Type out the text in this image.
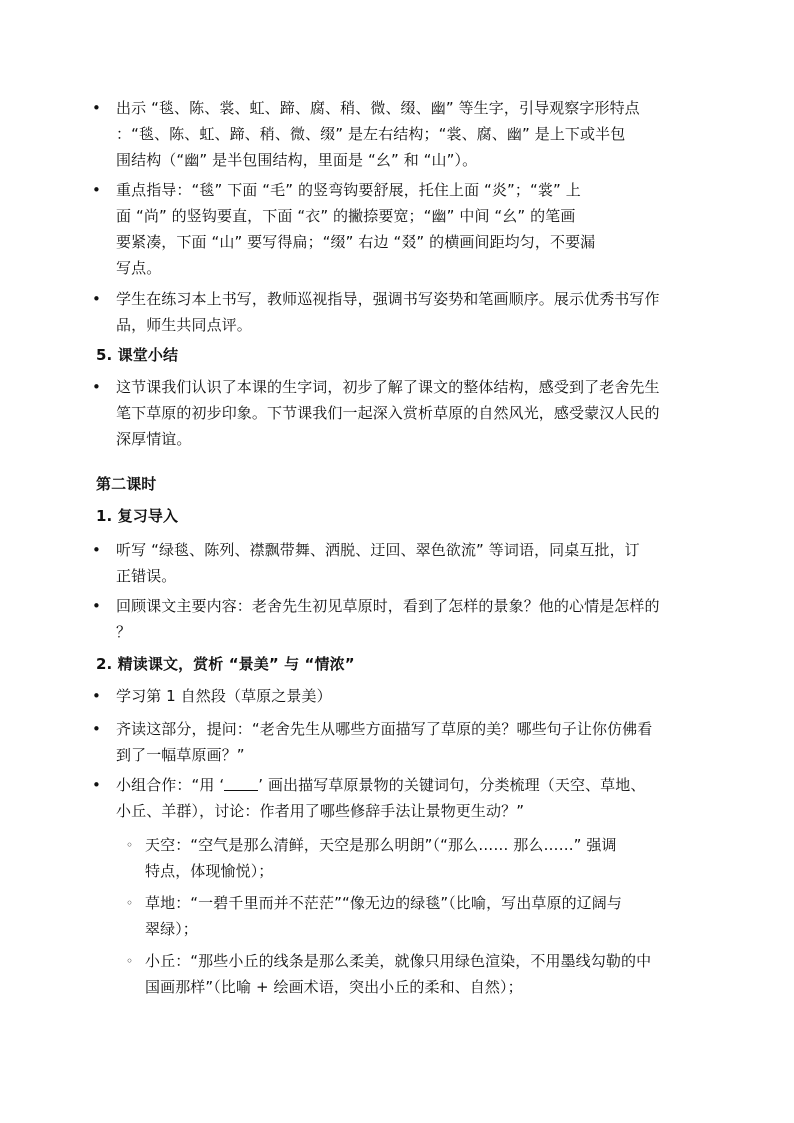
• 出示 “毯、陈、裳、虹、蹄、腐、稍、微、缀、幽” 等生字，引导观察字形特点
：“毯、陈、虹、蹄、稍、微、缀” 是左右结构；“裳、腐、幽” 是上下或半包
围结构（“幽” 是半包围结构，里面是 “幺” 和 “山”）。
• 重点指导：“毯” 下面 “毛” 的竖弯钩要舒展，托住上面 “炎”；“裳” 上
面 “尚” 的竖钩要直，下面 “衣” 的撇捺要宽；“幽” 中间 “幺” 的笔画
要紧凑，下面 “山” 要写得扁；“缀” 右边 “叕” 的横画间距均匀，不要漏
写点。
• 学生在练习本上书写，教师巡视指导，强调书写姿势和笔画顺序。展示优秀书写作
品，师生共同点评。
5. 课堂小结
• 这节课我们认识了本课的生字词，初步了解了课文的整体结构，感受到了老舍先生
笔下草原的初步印象。下节课我们一起深入赏析草原的自然风光，感受蒙汉人民的
深厚情谊。
第二课时
1. 复习导入
• 听写 “绿毯、陈列、襟飘带舞、洒脱、迂回、翠色欲流” 等词语，同桌互批，订
正错误。
• 回顾课文主要内容：老舍先生初见草原时，看到了怎样的景象？他的心情是怎样的
？
2. 精读课文，赏析 “景美” 与 “情浓”
• 学习第 1 自然段（草原之景美）
• 齐读这部分，提问：“老舍先生从哪些方面描写了草原的美？哪些句子让你仿佛看
到了一幅草原画？”
• 小组合作：“用 ‘ ’ 画出描写草原景物的关键词句，分类梳理（天空、草地、
小丘、羊群），讨论：作者用了哪些修辞手法让景物更生动？”
◦ 天空：“空气是那么清鲜，天空是那么明朗”（“那么…… 那么……” 强调
特点，体现愉悦）；
◦ 草地：“一碧千里而并不茫茫”“像无边的绿毯”（比喻，写出草原的辽阔与
翠绿）；
◦ 小丘：“那些小丘的线条是那么柔美，就像只用绿色渲染，不用墨线勾勒的中
国画那样”（比喻 + 绘画术语，突出小丘的柔和、自然）；
